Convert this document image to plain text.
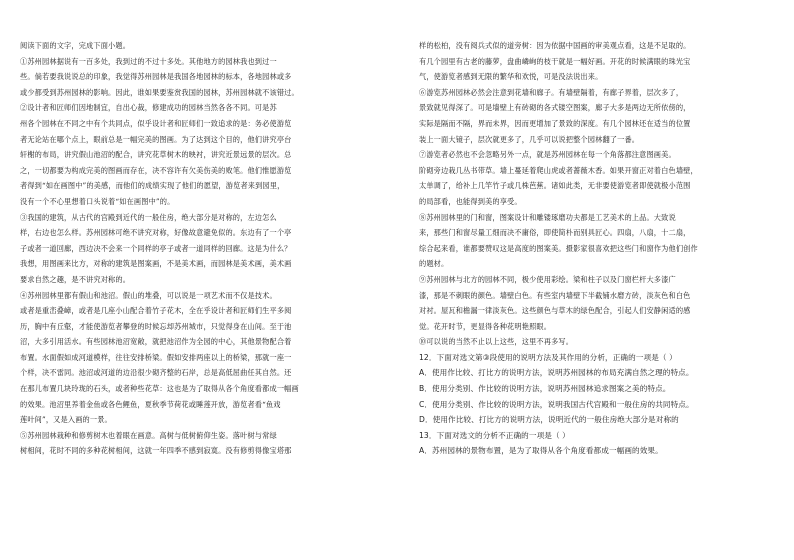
阅读下面的文字，完成下面小题。
①苏州园林据说有一百多处，我到过的不过十多处。其他地方的园林我也到过一
些。倘若要我说说总的印象，我觉得苏州园林是我国各地园林的标本，各地园林或多
或少都受到苏州园林的影响。因此，谁如果要鉴赏我国的园林，苏州园林就不该错过。
②设计者和匠师们因地制宜，自出心裁，修建成功的园林当然各各不同。可是苏
州各个园林在不同之中有个共同点，似乎设计者和匠师们一致追求的是：务必使游览
者无论站在哪个点上，眼前总是一幅完美的图画。为了达到这个目的，他们讲究亭台
轩榭的布局，讲究假山池沼的配合，讲究花草树木的映衬，讲究近景远景的层次。总
之，一切都要为构成完美的图画而存在，决不容许有欠美伤美的败笔。他们惟愿游览
者得到“如在画图中”的美感，而他们的成绩实现了他们的愿望，游览者来到园里，
没有一个不心里想着口头说着“如在画图中”的。
③我国的建筑，从古代的宫殿到近代的一般住房，绝大部分是对称的，左边怎么
样，右边也怎么样。苏州园林可绝不讲究对称，好像故意避免似的。东边有了一个亭
子或者一道回廊，西边决不会来一个同样的亭子或者一道同样的回廊。这是为什么？
我想，用图画来比方，对称的建筑是图案画，不是美术画，而园林是美术画，美术画
要求自然之趣，是不讲究对称的。
④苏州园林里都有假山和池沼。假山的堆叠，可以说是一项艺术而不仅是技术。
或者是重峦叠嶂，或者是几座小山配合着竹子花木，全在乎设计者和匠师们生平多阅
历，胸中有丘壑，才能使游览者攀登的时候忘却苏州城市，只觉得身在山间。至于池
沼，大多引用活水。有些园林池沼宽敞，就把池沼作为全园的中心，其他景物配合着
布置。水面假如成河道模样，往往安排桥梁。假如安排两座以上的桥梁，那就一座一
个样，决不雷同。池沼或河道的边沿很少砌齐整的石岸，总是高低屈曲任其自然。还
在那儿布置几块玲珑的石头，或者种些花草：这也是为了取得从各个角度看都成一幅画
的效果。池沼里养着金鱼或各色鲤鱼，夏秋季节荷花或睡莲开放，游览者看“鱼戏
莲叶间”，又是入画的一景。
⑤苏州园林栽种和修剪树木也着眼在画意。高树与低树俯仰生姿。落叶树与常绿
树相间，花时不同的多种花树相间，这就一年四季不感到寂寞。没有修剪得像宝塔那
样的松柏，没有阅兵式似的道旁树：因为依据中国画的审美观点看，这是不足取的。
有几个园里有古老的藤萝，盘曲嶙峋的枝干就是一幅好画。开花的时候满眼的珠光宝
气，使游览者感到无限的繁华和欢悦，可是没法说出来。
⑥游览苏州园林必然会注意到花墙和廊子。有墙壁隔着，有廊子界着，层次多了，
景致就见得深了。可是墙壁上有砖砌的各式镂空图案，廊子大多是两边无所依傍的，
实际是隔而不隔，界而未界，因而更增加了景致的深度。有几个园林还在适当的位置
装上一面大镜子，层次就更多了，几乎可以说把整个园林翻了一番。
⑦游览者必然也不会忽略另外一点，就是苏州园林在每一个角落都注意图画美。
阶砌旁边栽几丛书带草。墙上蔓延着爬山虎或者蔷薇木香。如果开窗正对着白色墙壁，
太单调了，给补上几竿竹子或几株芭蕉。诸如此类，无非要使游览者即使就极小范围
的局部看，也能得到美的享受。
⑧苏州园林里的门和窗，图案设计和雕镂琢磨功夫都是工艺美术的上品。大致说
来，那些门和窗尽量工细而决不庸俗，即使简朴而别具匠心。四扇，八扇，十二扇，
综合起来看，谁都要赞叹这是高度的图案美。摄影家很喜欢把这些门和窗作为他们创作
的题材。
⑨苏州园林与北方的园林不同，极少使用彩绘。梁和柱子以及门窗栏杆大多漆广
漆，那是不刺眼的颜色。墙壁白色。有些室内墙壁下半截铺水磨方砖，淡灰色和白色
对衬。屋瓦和檐漏一律淡灰色。这些颜色与草木的绿色配合，引起人们安静闲适的感
觉。花开时节，更显得各种花明艳照眼。
⑩可以说的当然不止以上这些，这里不再多写。
12．下面对选文第③段使用的说明方法及其作用的分析，正确的一项是（ ）
A．使用作比较、打比方的说明方法，说明苏州园林的布局充满自然之理的特点。
B．使用分类别、作比较的说明方法，说明苏州园林追求图案之美的特点。
C．使用分类别、作比较的说明方法，说明我国古代宫殿和一般住房的共同特点。
D．使用作比较、打比方的说明方法，说明近代的一般住房绝大部分是对称的
13．下面对选文的分析不正确的一项是（ ）
A．苏州园林的景物布置，是为了取得从各个角度看都成一幅画的效果。
